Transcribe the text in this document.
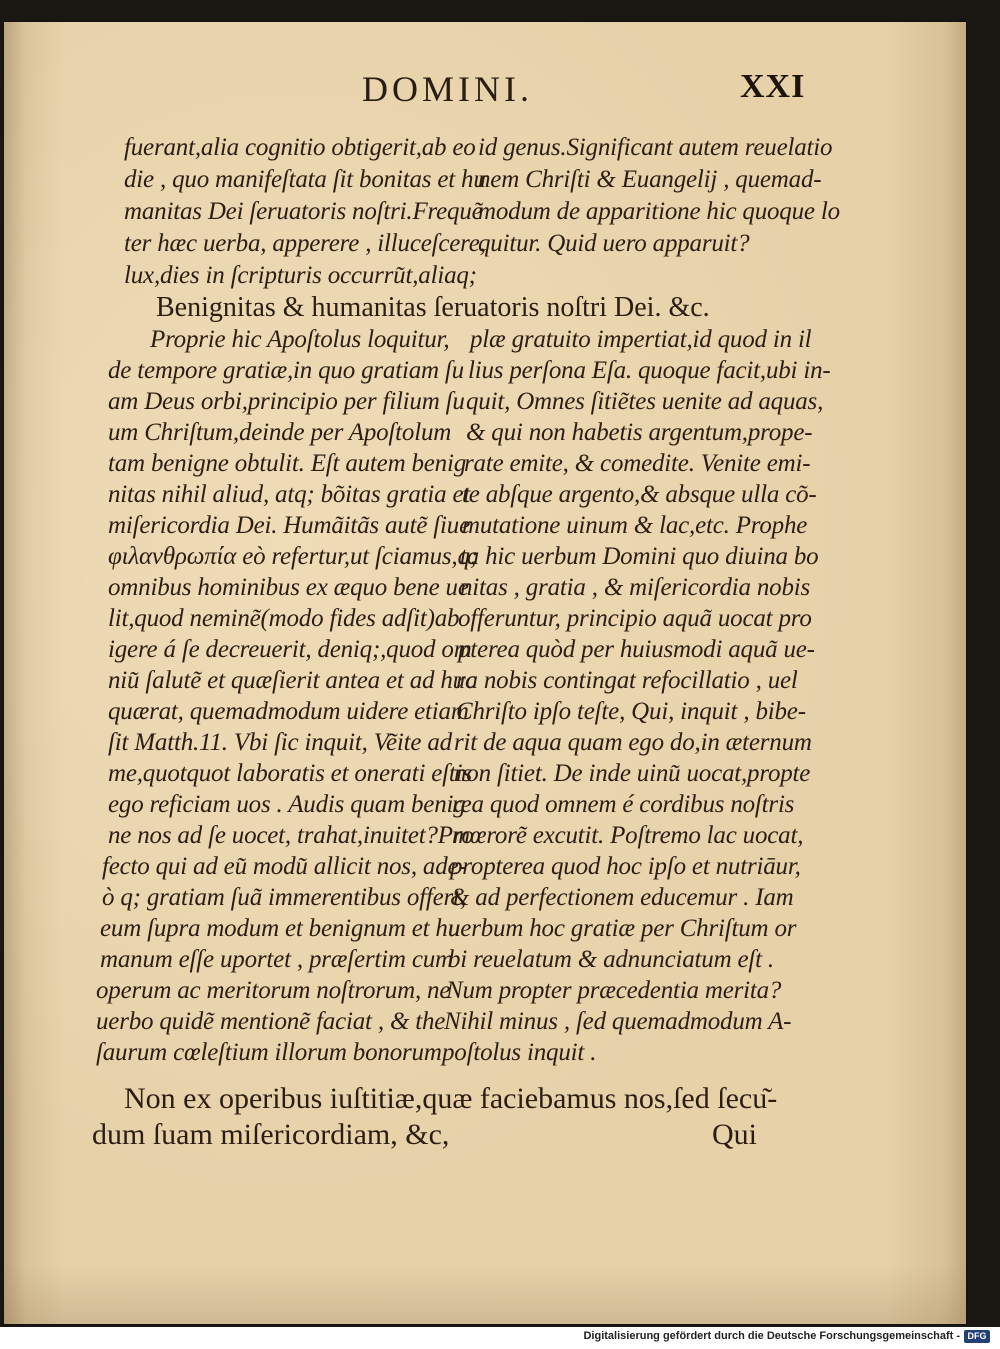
DOMINI.	XXI

fuerant,alia cognitio obtigerit,ab eo

die , quo manifeſtata ſit bonitas et hu

manitas Dei ſeruatoris noſtri.Freque͂

ter hæc uerba, apperere , illuceſcere,

lux,dies in ſcripturis occurru͂t,aliaq;

id genus.Significant autem reuelatio

nem Chriſti & Euangelij , quemad-

modum de apparitione hic quoque lo

quitur. Quid uero apparuit?

Benignitas & humanitas ſeruatoris noſtri Dei. &c.

Proprie hic Apoſtolus loquitur,

de tempore gratiæ,in quo gratiam ſu

am Deus orbi,principio per filium ſu

um Chriſtum,deinde per Apoſtolum

tam benigne obtulit. Eſt autem benig

nitas nihil aliud, atq; bo͂itas gratia et

miſericordia Dei. Huma͂ita͂s aute͂ ſiue

φιλανθρωπία eò refertur,ut ſciamus,q;

omnibus hominibus ex æquo bene ue

lit,quod nemine͂(modo fides adſit)ab

igere á ſe decreuerit, deniq;,quod om

niu͂ ſalute͂ et quæſierit antea et ad huc

quærat, quemadmodum uidere etiam

ſit Matth.11. Vbi ſic inquit, Ve͂ite ad

me,quotquot laboratis et onerati eſtis

ego reficiam uos . Audis quam benig

ne nos ad ſe uocet, trahat,inuitet?Pro

fecto qui ad eu͂ modu͂ allicit nos, ade-

ò q; gratiam ſua͂ immerentibus offert,

eum ſupra modum et benignum et hu

manum eſſe uportet , præſertim cum

operum ac meritorum noſtrorum, ne

uerbo quide͂ mentione͂ faciat , & the

ſaurum cœleſtium illorum bonorum

plæ gratuito impertiat,id quod in il

lius perſona Eſa. quoque facit,ubi in-

quit, Omnes ſitie͂tes uenite ad aquas,

& qui non habetis argentum,prope-

rate emite, & comedite. Venite emi-

te abſque argento,& absque ulla co͂-

mutatione uinum & lac,etc. Prophe

ta hic uerbum Domini quo diuina bo

nitas , gratia , & miſericordia nobis

offeruntur, principio aqua͂ uocat pro

pterea quòd per huiusmodi aqua͂ ue-

ra nobis contingat refocillatio , uel

Chriſto ipſo teſte, Qui, inquit , bibe-

rit de aqua quam ego do,in æternum

non ſitiet. De inde uinu͂ uocat,propte

rea quod omnem é cordibus noſtris

mœrore͂ excutit. Poſtremo lac uocat,

propterea quod hoc ipſo et nutriāur,

& ad perfectionem educemur . Iam

uerbum hoc gratiæ per Chriſtum or

bi reuelatum & adnunciatum eſt .

Num propter præcedentia merita?

Nihil minus , ſed quemadmodum A-

poſtolus inquit .

Non ex operibus iuſtitiæ,quæ faciebamus nos,ſed ſecu͂-

dum ſuam miſericordiam, &c,	Qui

Digitalisierung gefördert durch die Deutsche Forschungsgemeinschaft - DFG
